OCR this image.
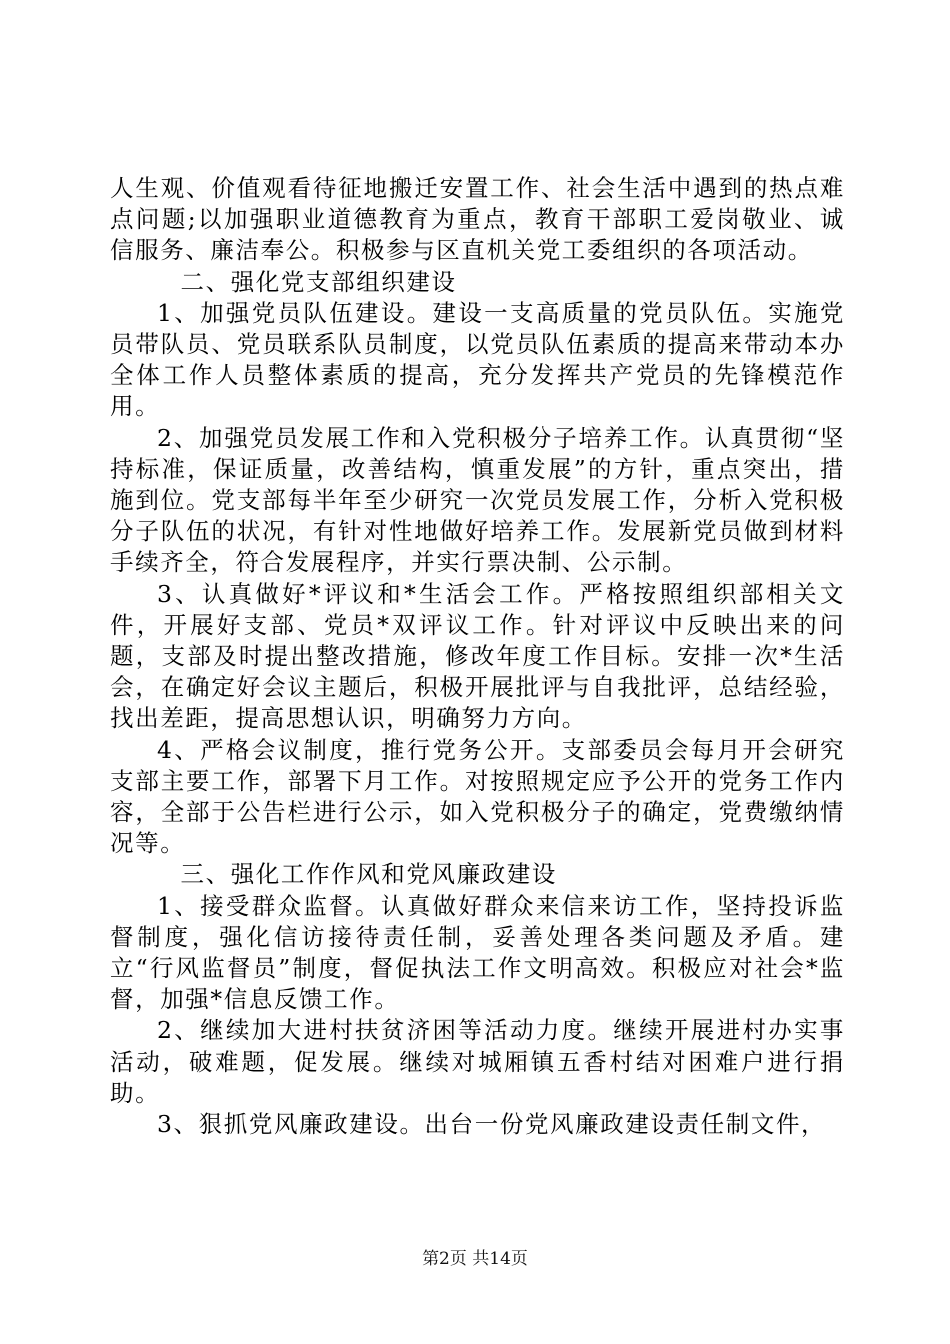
人生观、价值观看待征地搬迁安置工作、社会生活中遇到的热点难点问题;以加强职业道德教育为重点，教育干部职工爱岗敬业、诚信服务、廉洁奉公。积极参与区直机关党工委组织的各项活动。

二、强化党支部组织建设

1、加强党员队伍建设。建设一支高质量的党员队伍。实施党员带队员、党员联系队员制度，以党员队伍素质的提高来带动本办全体工作人员整体素质的提高，充分发挥共产党员的先锋模范作用。

2、加强党员发展工作和入党积极分子培养工作。认真贯彻“坚持标准，保证质量，改善结构，慎重发展”的方针，重点突出，措施到位。党支部每半年至少研究一次党员发展工作，分析入党积极分子队伍的状况，有针对性地做好培养工作。发展新党员做到材料手续齐全，符合发展程序，并实行票决制、公示制。

3、认真做好*评议和*生活会工作。严格按照组织部相关文件，开展好支部、党员*双评议工作。针对评议中反映出来的问题，支部及时提出整改措施，修改年度工作目标。安排一次*生活会，在确定好会议主题后，积极开展批评与自我批评，总结经验，找出差距，提高思想认识，明确努力方向。

4、严格会议制度，推行党务公开。支部委员会每月开会研究支部主要工作，部署下月工作。对按照规定应予公开的党务工作内容，全部于公告栏进行公示，如入党积极分子的确定，党费缴纳情况等。

三、强化工作作风和党风廉政建设

1、接受群众监督。认真做好群众来信来访工作，坚持投诉监督制度，强化信访接待责任制，妥善处理各类问题及矛盾。建立“行风监督员”制度，督促执法工作文明高效。积极应对社会*监督，加强*信息反馈工作。

2、继续加大进村扶贫济困等活动力度。继续开展进村办实事活动，破难题，促发展。继续对城厢镇五香村结对困难户进行捐助。

3、狠抓党风廉政建设。出台一份党风廉政建设责任制文件，

第2页 共14页
